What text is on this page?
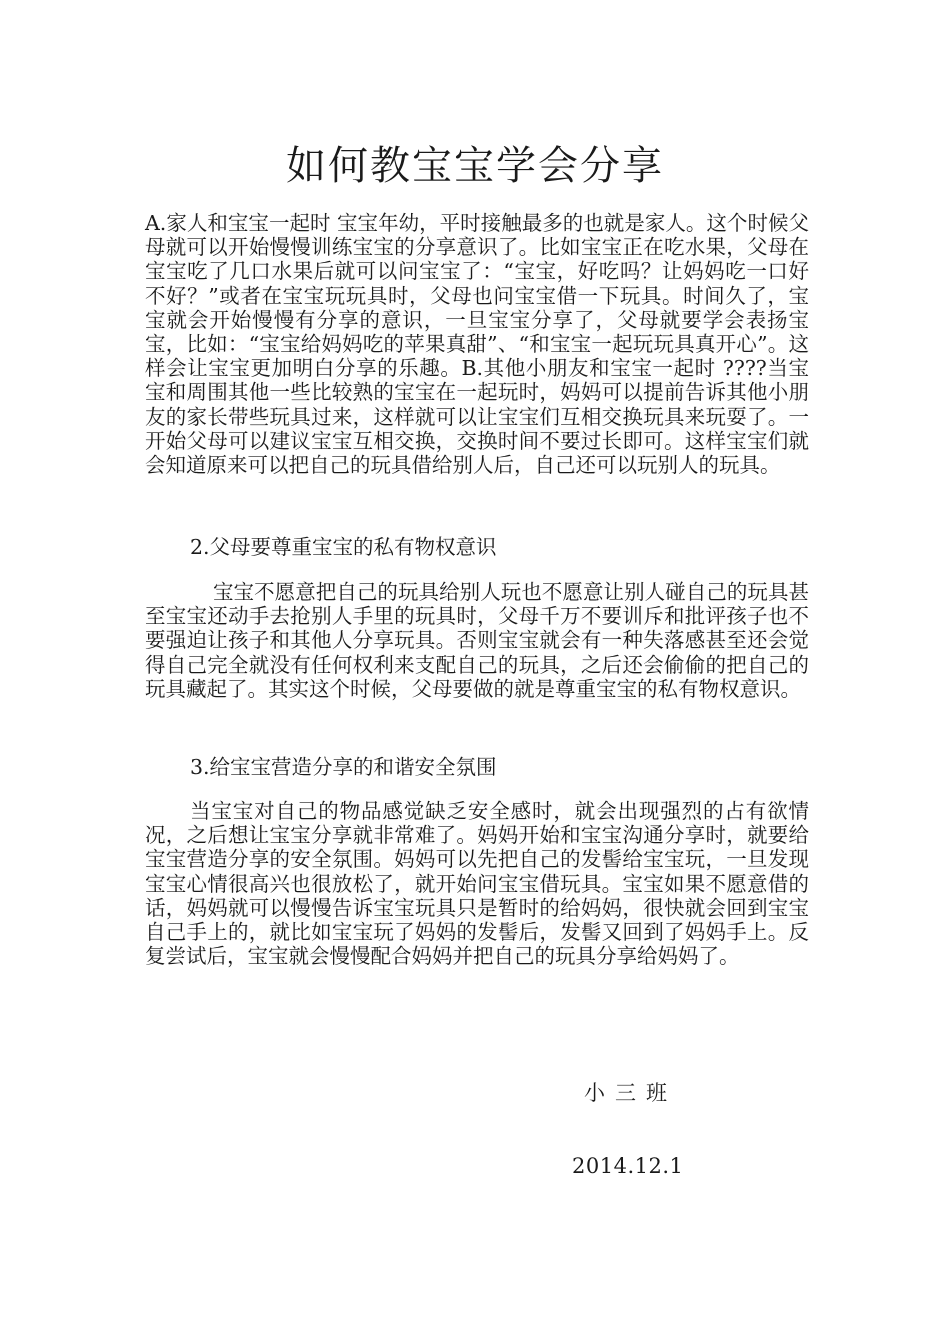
如何教宝宝学会分享

A.家人和宝宝一起时 宝宝年幼，平时接触最多的也就是家人。这个时候父母就可以开始慢慢训练宝宝的分享意识了。比如宝宝正在吃水果，父母在宝宝吃了几口水果后就可以问宝宝了：“宝宝，好吃吗？让妈妈吃一口好不好？”或者在宝宝玩玩具时，父母也问宝宝借一下玩具。时间久了，宝宝就会开始慢慢有分享的意识，一旦宝宝分享了，父母就要学会表扬宝宝，比如：“宝宝给妈妈吃的苹果真甜”、“和宝宝一起玩玩具真开心”。这样会让宝宝更加明白分享的乐趣。B.其他小朋友和宝宝一起时 ????当宝宝和周围其他一些比较熟的宝宝在一起玩时，妈妈可以提前告诉其他小朋友的家长带些玩具过来，这样就可以让宝宝们互相交换玩具来玩耍了。一开始父母可以建议宝宝互相交换，交换时间不要过长即可。这样宝宝们就会知道原来可以把自己的玩具借给别人后，自己还可以玩别人的玩具。

2.父母要尊重宝宝的私有物权意识

宝宝不愿意把自己的玩具给别人玩也不愿意让别人碰自己的玩具甚至宝宝还动手去抢别人手里的玩具时，父母千万不要训斥和批评孩子也不要强迫让孩子和其他人分享玩具。否则宝宝就会有一种失落感甚至还会觉得自己完全就没有任何权利来支配自己的玩具，之后还会偷偷的把自己的玩具藏起了。其实这个时候，父母要做的就是尊重宝宝的私有物权意识。

3.给宝宝营造分享的和谐安全氛围

当宝宝对自己的物品感觉缺乏安全感时，就会出现强烈的占有欲情况，之后想让宝宝分享就非常难了。妈妈开始和宝宝沟通分享时，就要给宝宝营造分享的安全氛围。妈妈可以先把自己的发髻给宝宝玩，一旦发现宝宝心情很高兴也很放松了，就开始问宝宝借玩具。宝宝如果不愿意借的话，妈妈就可以慢慢告诉宝宝玩具只是暂时的给妈妈，很快就会回到宝宝自己手上的，就比如宝宝玩了妈妈的发髻后，发髻又回到了妈妈手上。反复尝试后，宝宝就会慢慢配合妈妈并把自己的玩具分享给妈妈了。

小三班

2014.12.1
